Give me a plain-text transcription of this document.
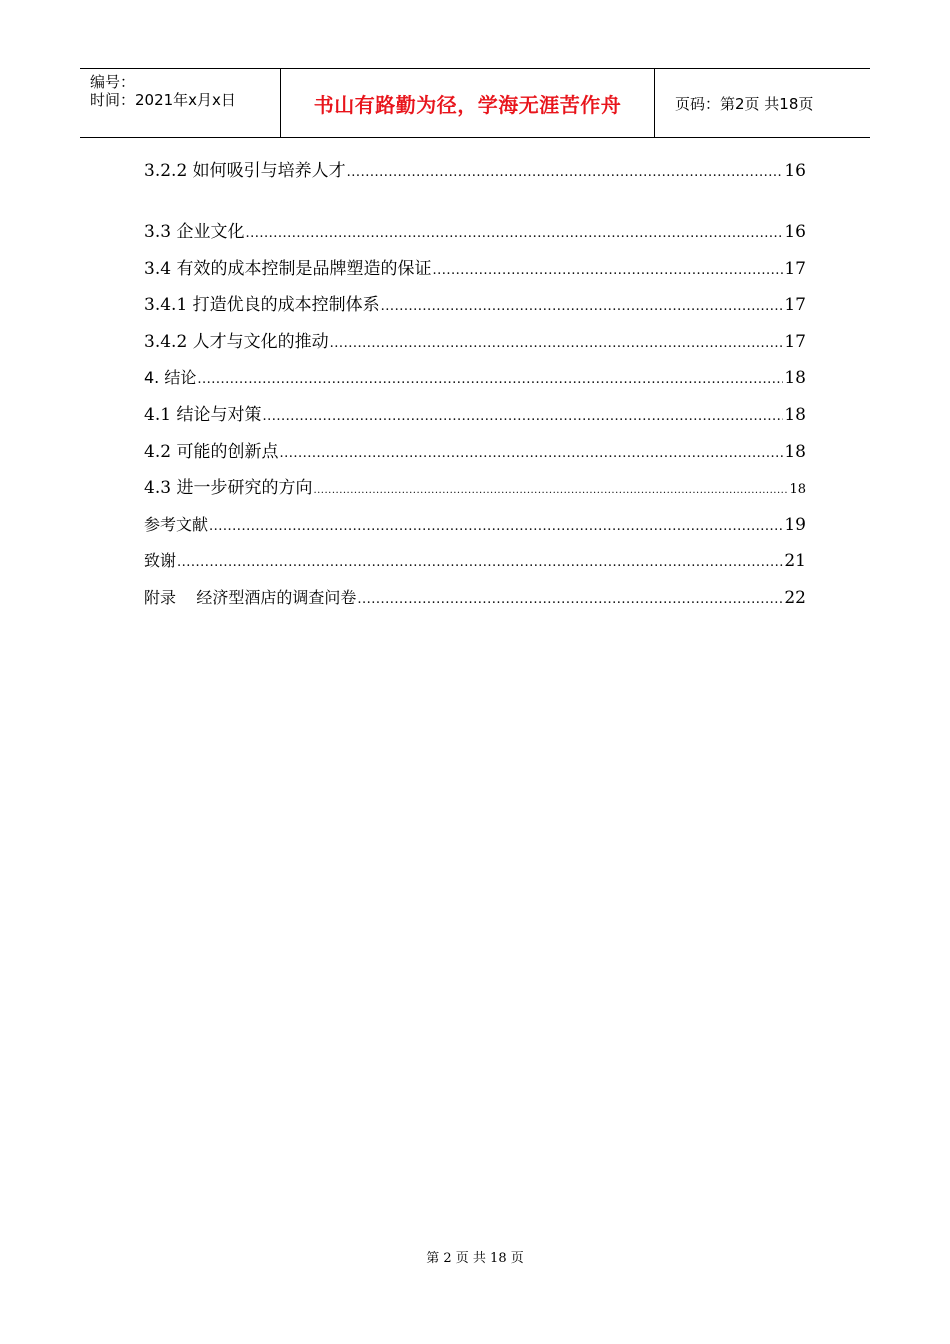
编号：
时间：2021年x月x日	书山有路勤为径，学海无涯苦作舟	页码：第2页 共18页
3.2.2 如何吸引与培养人才 .....	16
3.3 企业文化 .....	16
3.4 有效的成本控制是品牌塑造的保证 .....	17
3.4.1 打造优良的成本控制体系 .....	17
3.4.2 人才与文化的推动 .....	17
4. 结论 .....	18
4.1 结论与对策 .....	18
4.2 可能的创新点 .....	18
4.3 进一步研究的方向 .....	18
参考文献 .....	19
致谢 .....	21
附录    经济型酒店的调查问卷 .....	22
第 2 页 共 18 页
